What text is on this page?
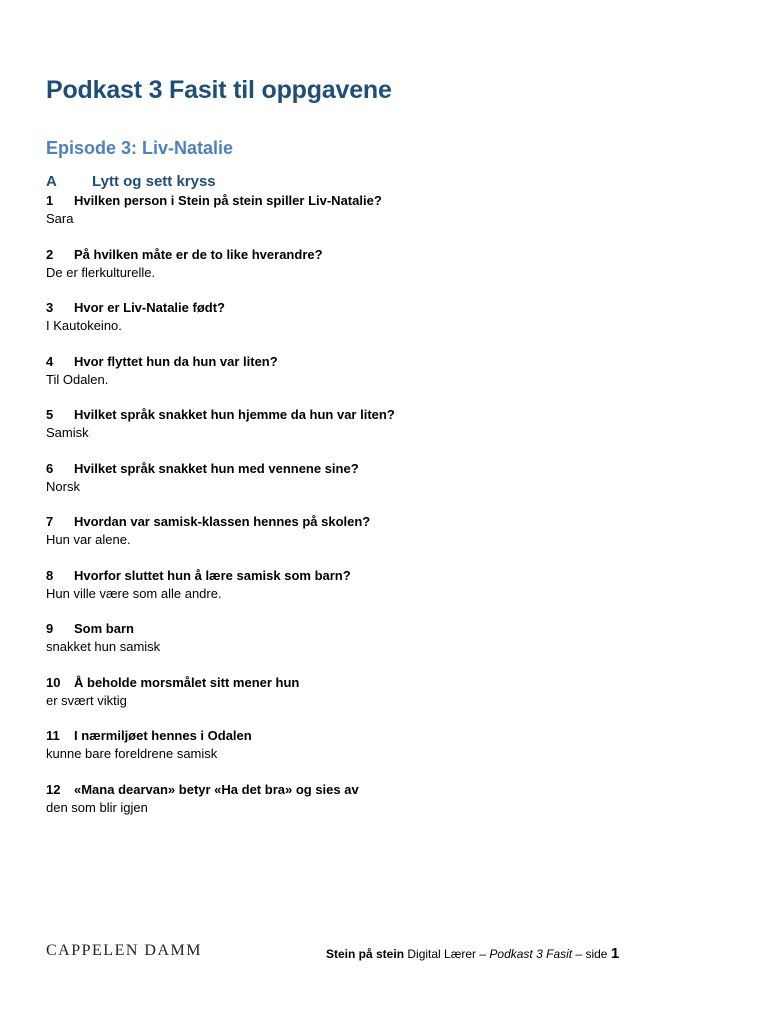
Podkast 3 Fasit til oppgavene
Episode 3: Liv-Natalie
A Lytt og sett kryss
1 Hvilken person i Stein på stein spiller Liv-Natalie?
Sara
2 På hvilken måte er de to like hverandre?
De er flerkulturelle.
3 Hvor er Liv-Natalie født?
I Kautokeino.
4 Hvor flyttet hun da hun var liten?
Til Odalen.
5 Hvilket språk snakket hun hjemme da hun var liten?
Samisk
6 Hvilket språk snakket hun med vennene sine?
Norsk
7 Hvordan var samisk-klassen hennes på skolen?
Hun var alene.
8 Hvorfor sluttet hun å lære samisk som barn?
Hun ville være som alle andre.
9 Som barn
snakket hun samisk
10 Å beholde morsmålet sitt mener hun
er svært viktig
11 I nærmiljøet hennes i Odalen
kunne bare foreldrene samisk
12 «Mana dearvan» betyr «Ha det bra» og sies av
den som blir igjen
CAPPELEN DAMM	Stein på stein Digital Lærer – Podkast 3 Fasit – side 1
